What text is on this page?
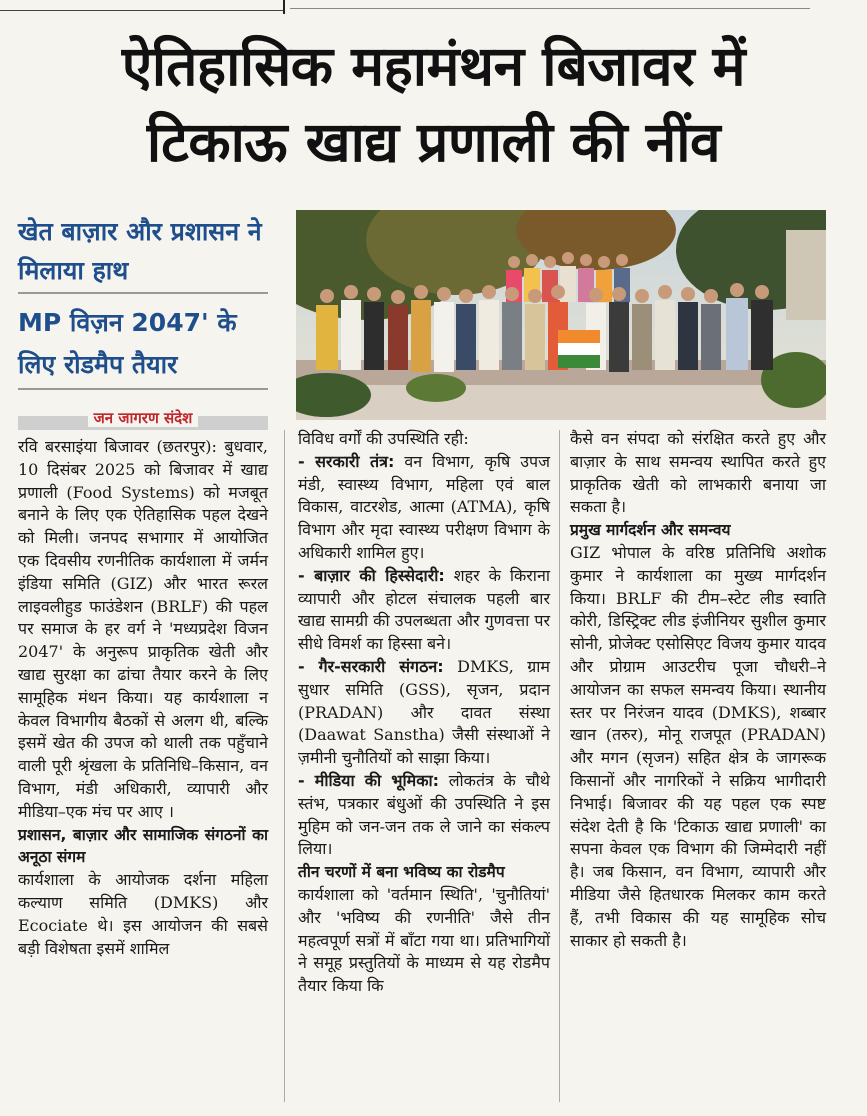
ऐतिहासिक महामंथन बिजावर में
टिकाऊ खाद्य प्रणाली की नींव
खेत बाज़ार और प्रशासन ने मिलाया हाथ
MP विज़न 2047' के लिए रोडमैप तैयार
जन जागरण संदेश

रवि बरसाइंया बिजावर (छतरपुर): बुधवार, 10 दिसंबर 2025 को बिजावर में खाद्य प्रणाली (Food Systems) को मजबूत बनाने के लिए एक ऐतिहासिक पहल देखने को मिली। जनपद सभागार में आयोजित एक दिवसीय रणनीतिक कार्यशाला में जर्मन इंडिया समिति (GIZ) और भारत रूरल लाइवलीहुड फाउंडेशन (BRLF) की पहल पर समाज के हर वर्ग ने 'मध्यप्रदेश विजन 2047' के अनुरूप प्राकृतिक खेती और खाद्य सुरक्षा का ढांचा तैयार करने के लिए सामूहिक मंथन किया। यह कार्यशाला न केवल विभागीय बैठकों से अलग थी, बल्कि इसमें खेत की उपज को थाली तक पहुँचाने वाली पूरी श्रृंखला के प्रतिनिधि–किसान, वन विभाग, मंडी अधिकारी, व्यापारी और मीडिया–एक मंच पर आए ।

प्रशासन, बाज़ार और सामाजिक संगठनों का अनूठा संगम

कार्यशाला के आयोजक दर्शना महिला कल्याण समिति (DMKS) और Ecociate थे। इस आयोजन की सबसे बड़ी विशेषता इसमें शामिल

विविध वर्गों की उपस्थिति रही:

- सरकारी तंत्र: वन विभाग, कृषि उपज मंडी, स्वास्थ्य विभाग, महिला एवं बाल विकास, वाटरशेड, आत्मा (ATMA), कृषि विभाग और मृदा स्वास्थ्य परीक्षण विभाग के अधिकारी शामिल हुए।

- बाज़ार की हिस्सेदारी: शहर के किराना व्यापारी और होटल संचालक पहली बार खाद्य सामग्री की उपलब्धता और गुणवत्ता पर सीधे विमर्श का हिस्सा बने।

- गैर-सरकारी संगठन: DMKS, ग्राम सुधार समिति (GSS), सृजन, प्रदान (PRADAN) और दावत संस्था (Daawat Sanstha) जैसी संस्थाओं ने ज़मीनी चुनौतियों को साझा किया।

- मीडिया की भूमिका: लोकतंत्र के चौथे स्तंभ, पत्रकार बंधुओं की उपस्थिति ने इस मुहिम को जन-जन तक ले जाने का संकल्प लिया।

तीन चरणों में बना भविष्य का रोडमैप

कार्यशाला को 'वर्तमान स्थिति', 'चुनौतियां' और 'भविष्य की रणनीति' जैसे तीन महत्वपूर्ण सत्रों में बाँटा गया था। प्रतिभागियों ने समूह प्रस्तुतियों के माध्यम से यह रोडमैप तैयार किया कि

कैसे वन संपदा को संरक्षित करते हुए और बाज़ार के साथ समन्वय स्थापित करते हुए प्राकृतिक खेती को लाभकारी बनाया जा सकता है।

प्रमुख मार्गदर्शन और समन्वय

GIZ भोपाल के वरिष्ठ प्रतिनिधि अशोक कुमार ने कार्यशाला का मुख्य मार्गदर्शन किया। BRLF की टीम–स्टेट लीड स्वाति कोरी, डिस्ट्रिक्ट लीड इंजीनियर सुशील कुमार सोनी, प्रोजेक्ट एसोसिएट विजय कुमार यादव और प्रोग्राम आउटरीच पूजा चौधरी–ने आयोजन का सफल समन्वय किया। स्थानीय स्तर पर निरंजन यादव (DMKS), शब्बार खान (तरुर), मोनू राजपूत (PRADAN) और मगन (सृजन) सहित क्षेत्र के जागरूक किसानों और नागरिकों ने सक्रिय भागीदारी निभाई। बिजावर की यह पहल एक स्पष्ट संदेश देती है कि 'टिकाऊ खाद्य प्रणाली' का सपना केवल एक विभाग की जिम्मेदारी नहीं है। जब किसान, वन विभाग, व्यापारी और मीडिया जैसे हितधारक मिलकर काम करते हैं, तभी विकास की यह सामूहिक सोच साकार हो सकती है।
